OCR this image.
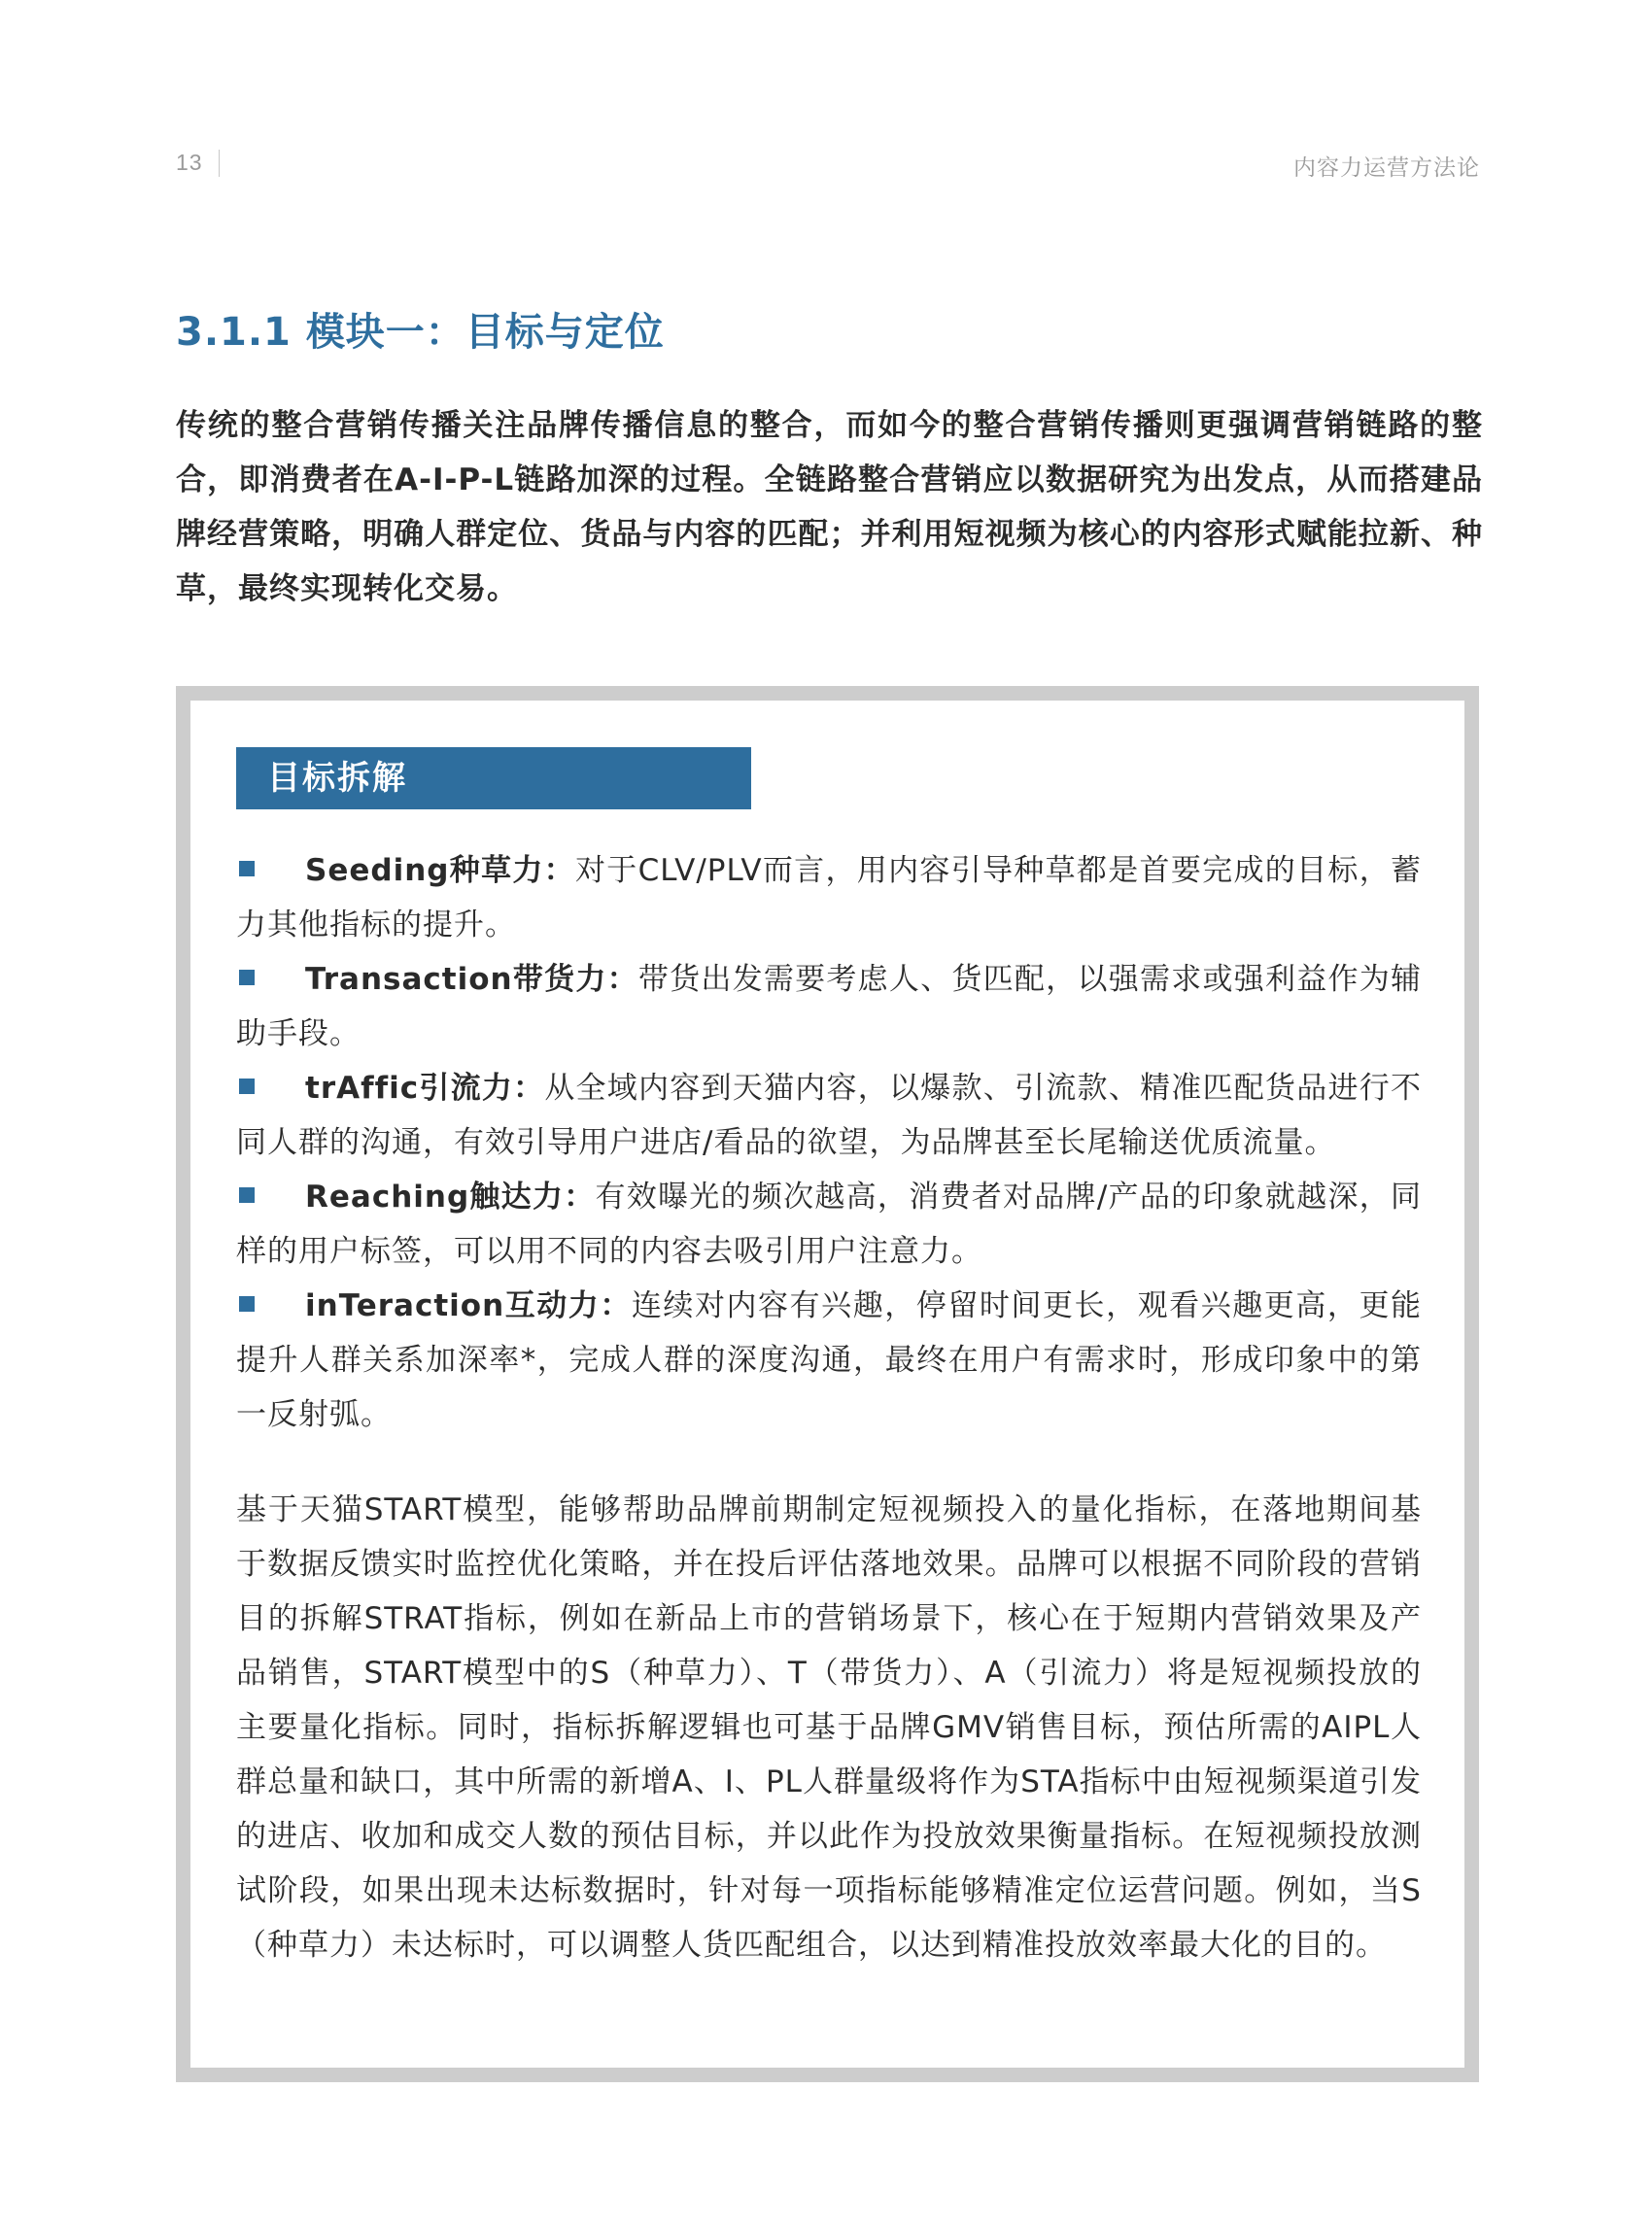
13	内容力运营方法论
3.1.1 模块一：目标与定位
传统的整合营销传播关注品牌传播信息的整合，而如今的整合营销传播则更强调营销链路的整合，即消费者在A-I-P-L链路加深的过程。全链路整合营销应以数据研究为出发点，从而搭建品牌经营策略，明确人群定位、货品与内容的匹配；并利用短视频为核心的内容形式赋能拉新、种草，最终实现转化交易。
目标拆解
Seeding种草力：对于CLV/PLV而言，用内容引导种草都是首要完成的目标，蓄力其他指标的提升。
Transaction带货力：带货出发需要考虑人、货匹配，以强需求或强利益作为辅助手段。
trAffic引流力：从全域内容到天猫内容，以爆款、引流款、精准匹配货品进行不同人群的沟通，有效引导用户进店/看品的欲望，为品牌甚至长尾输送优质流量。
Reaching触达力：有效曝光的频次越高，消费者对品牌/产品的印象就越深，同样的用户标签，可以用不同的内容去吸引用户注意力。
inTeraction互动力：连续对内容有兴趣，停留时间更长，观看兴趣更高，更能提升人群关系加深率*，完成人群的深度沟通，最终在用户有需求时，形成印象中的第一反射弧。

基于天猫START模型，能够帮助品牌前期制定短视频投入的量化指标，在落地期间基于数据反馈实时监控优化策略，并在投后评估落地效果。品牌可以根据不同阶段的营销目的拆解STRAT指标，例如在新品上市的营销场景下，核心在于短期内营销效果及产品销售，START模型中的S（种草力）、T（带货力）、A（引流力）将是短视频投放的主要量化指标。同时，指标拆解逻辑也可基于品牌GMV销售目标，预估所需的AIPL人群总量和缺口，其中所需的新增A、I、PL人群量级将作为STA指标中由短视频渠道引发的进店、收加和成交人数的预估目标，并以此作为投放效果衡量指标。在短视频投放测试阶段，如果出现未达标数据时，针对每一项指标能够精准定位运营问题。例如，当S（种草力）未达标时，可以调整人货匹配组合，以达到精准投放效率最大化的目的。
